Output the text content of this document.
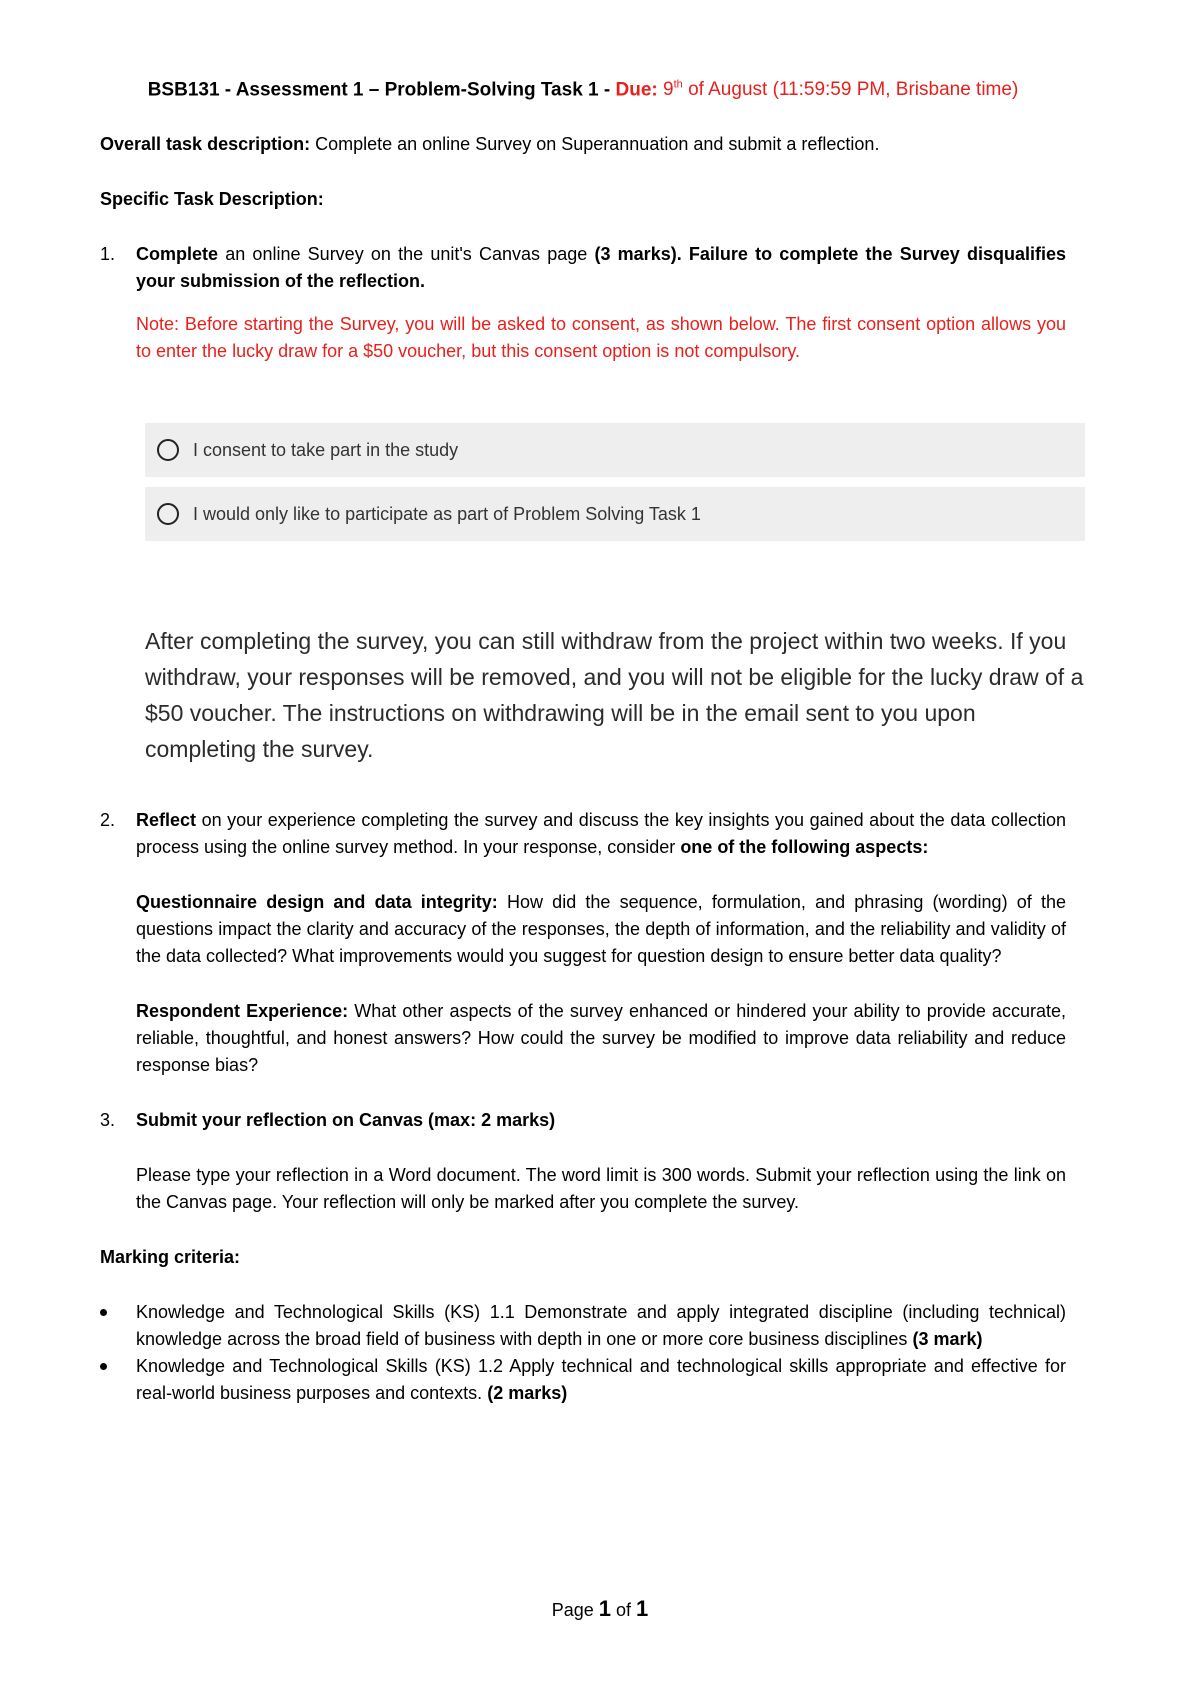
BSB131 - Assessment 1 – Problem-Solving Task 1 - Due: 9th of August (11:59:59 PM, Brisbane time)

Overall task description: Complete an online Survey on Superannuation and submit a reflection.

Specific Task Description:

1. Complete an online Survey on the unit's Canvas page (3 marks). Failure to complete the Survey disqualifies your submission of the reflection.
Note: Before starting the Survey, you will be asked to consent, as shown below. The first consent option allows you to enter the lucky draw for a $50 voucher, but this consent option is not compulsory.
I consent to take part in the study
I would only like to participate as part of Problem Solving Task 1
After completing the survey, you can still withdraw from the project within two weeks. If you withdraw, your responses will be removed, and you will not be eligible for the lucky draw of a $50 voucher. The instructions on withdrawing will be in the email sent to you upon completing the survey.
2. Reflect on your experience completing the survey and discuss the key insights you gained about the data collection process using the online survey method. In your response, consider one of the following aspects:
Questionnaire design and data integrity: How did the sequence, formulation, and phrasing (wording) of the questions impact the clarity and accuracy of the responses, the depth of information, and the reliability and validity of the data collected? What improvements would you suggest for question design to ensure better data quality?
Respondent Experience: What other aspects of the survey enhanced or hindered your ability to provide accurate, reliable, thoughtful, and honest answers? How could the survey be modified to improve data reliability and reduce response bias?
3. Submit your reflection on Canvas (max: 2 marks)
Please type your reflection in a Word document. The word limit is 300 words. Submit your reflection using the link on the Canvas page. Your reflection will only be marked after you complete the survey.

Marking criteria:

Knowledge and Technological Skills (KS) 1.1 Demonstrate and apply integrated discipline (including technical) knowledge across the broad field of business with depth in one or more core business disciplines (3 mark)
Knowledge and Technological Skills (KS) 1.2 Apply technical and technological skills appropriate and effective for real-world business purposes and contexts. (2 marks)
Page 1 of 1
